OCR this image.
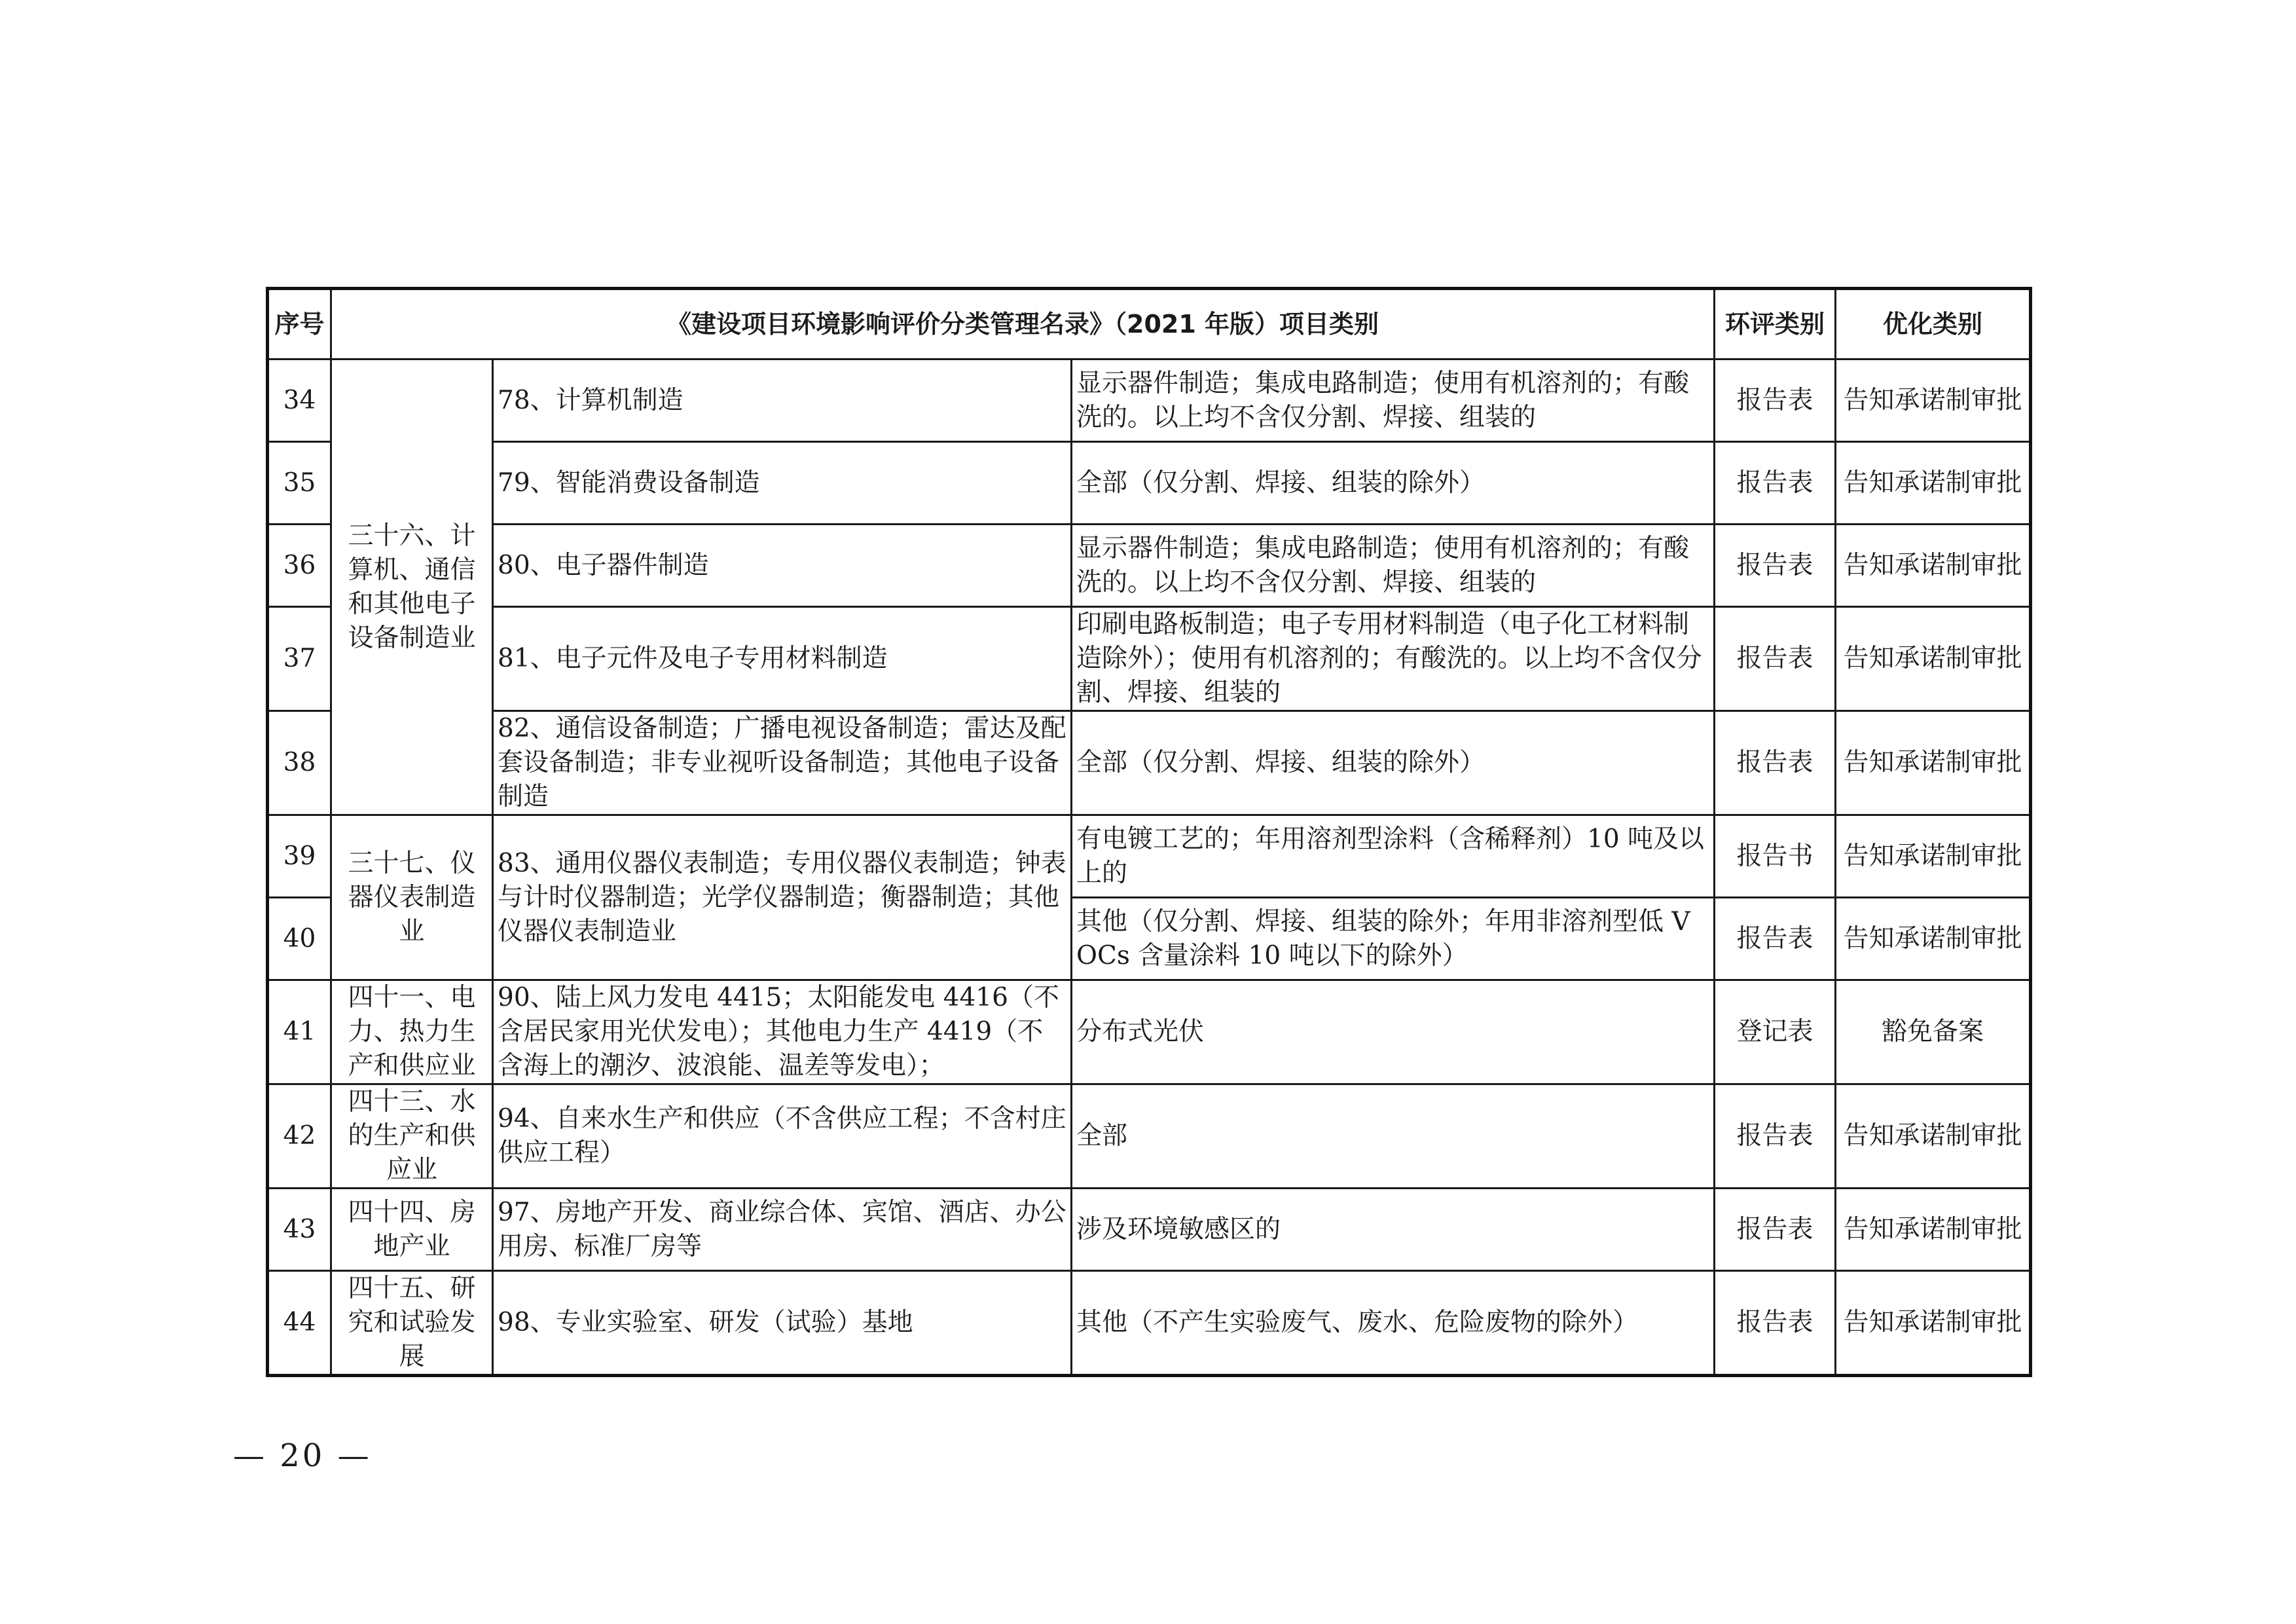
序号	《建设项目环境影响评价分类管理名录》（2021 年版）项目类别			环评类别	优化类别
34	三十六、计算机、通信和其他电子设备制造业	78、计算机制造	显示器件制造；集成电路制造；使用有机溶剂的；有酸洗的。以上均不含仅分割、焊接、组装的	报告表	告知承诺制审批
35		79、智能消费设备制造	全部（仅分割、焊接、组装的除外）	报告表	告知承诺制审批
36		80、电子器件制造	显示器件制造；集成电路制造；使用有机溶剂的；有酸洗的。以上均不含仅分割、焊接、组装的	报告表	告知承诺制审批
37		81、电子元件及电子专用材料制造	印刷电路板制造；电子专用材料制造（电子化工材料制造除外）；使用有机溶剂的；有酸洗的。以上均不含仅分割、焊接、组装的	报告表	告知承诺制审批
38		82、通信设备制造；广播电视设备制造；雷达及配套设备制造；非专业视听设备制造；其他电子设备制造	全部（仅分割、焊接、组装的除外）	报告表	告知承诺制审批
39	三十七、仪器仪表制造业	83、通用仪器仪表制造；专用仪器仪表制造；钟表与计时仪器制造；光学仪器制造；衡器制造；其他仪器仪表制造业	有电镀工艺的；年用溶剂型涂料（含稀释剂）10 吨及以上的	报告书	告知承诺制审批
40			其他（仅分割、焊接、组装的除外；年用非溶剂型低 VOCs 含量涂料 10 吨以下的除外）	报告表	告知承诺制审批
41	四十一、电力、热力生产和供应业	90、陆上风力发电 4415；太阳能发电 4416（不含居民家用光伏发电）；其他电力生产 4419（不含海上的潮汐、波浪能、温差等发电）；	分布式光伏	登记表	豁免备案
42	四十三、水的生产和供应业	94、自来水生产和供应（不含供应工程；不含村庄供应工程）	全部	报告表	告知承诺制审批
43	四十四、房地产业	97、房地产开发、商业综合体、宾馆、酒店、办公用房、标准厂房等	涉及环境敏感区的	报告表	告知承诺制审批
44	四十五、研究和试验发展	98、专业实验室、研发（试验）基地	其他（不产生实验废气、废水、危险废物的除外）	报告表	告知承诺制审批
— 20 —
